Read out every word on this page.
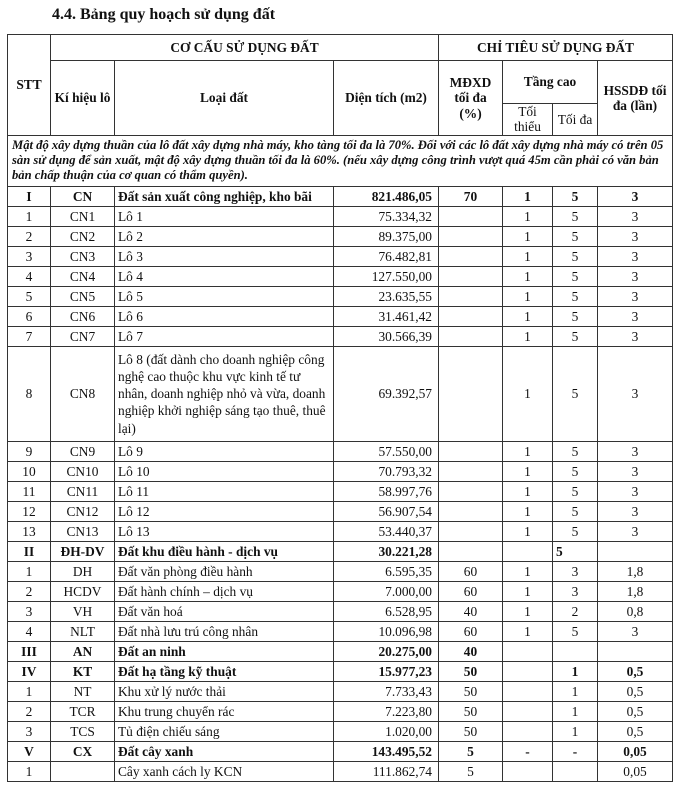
4.4. Bảng quy hoạch sử dụng đất
STT	CƠ CẤU SỬ DỤNG ĐẤT			CHỈ TIÊU SỬ DỤNG ĐẤT			
	Kí hiệu lô	Loại đất	Diện tích (m2)	MĐXD tối đa (%)	Tầng cao		HSSDĐ tối đa (lần)
					Tối thiểu	Tối đa	
Mật độ xây dựng thuần của lô đất xây dựng nhà máy, kho tàng tối đa là 70%. Đối với các lô đất xây dựng nhà máy có trên 05 sàn sử dụng để sản xuất, mật độ xây dựng thuần tối đa là 60%. (nếu xây dựng công trình vượt quá 45m cần phải có văn bản bản chấp thuận của cơ quan có thẩm quyền).							
I	CN	Đất sản xuất công nghiệp, kho bãi	821.486,05	70	1	5	3
1	CN1	Lô 1	75.334,32		1	5	3
2	CN2	Lô 2	89.375,00		1	5	3
3	CN3	Lô 3	76.482,81		1	5	3
4	CN4	Lô 4	127.550,00		1	5	3
5	CN5	Lô 5	23.635,55		1	5	3
6	CN6	Lô 6	31.461,42		1	5	3
7	CN7	Lô 7	30.566,39		1	5	3
8	CN8	Lô 8 (đất dành cho doanh nghiệp công nghệ cao thuộc khu vực kinh tế tư nhân, doanh nghiệp nhỏ và vừa, doanh nghiệp khởi nghiệp sáng tạo thuê, thuê lại)	69.392,57		1	5	3
9	CN9	Lô 9	57.550,00		1	5	3
10	CN10	Lô 10	70.793,32		1	5	3
11	CN11	Lô 11	58.997,76		1	5	3
12	CN12	Lô 12	56.907,54		1	5	3
13	CN13	Lô 13	53.440,37		1	5	3
II	ĐH-DV	Đất khu điều hành - dịch vụ	30.221,28			5	
1	DH	Đất văn phòng điều hành	6.595,35	60	1	3	1,8
2	HCDV	Đất hành chính – dịch vụ	7.000,00	60	1	3	1,8
3	VH	Đất văn hoá	6.528,95	40	1	2	0,8
4	NLT	Đất nhà lưu trú công nhân	10.096,98	60	1	5	3
III	AN	Đất an ninh	20.275,00	40			
IV	KT	Đất hạ tầng kỹ thuật	15.977,23	50		1	0,5
1	NT	Khu xử lý nước thải	7.733,43	50		1	0,5
2	TCR	Khu trung chuyển rác	7.223,80	50		1	0,5
3	TCS	Tủ điện chiếu sáng	1.020,00	50		1	0,5
V	CX	Đất cây xanh	143.495,52	5	-	-	0,05
1		Cây xanh cách ly KCN	111.862,74	5			0,05
